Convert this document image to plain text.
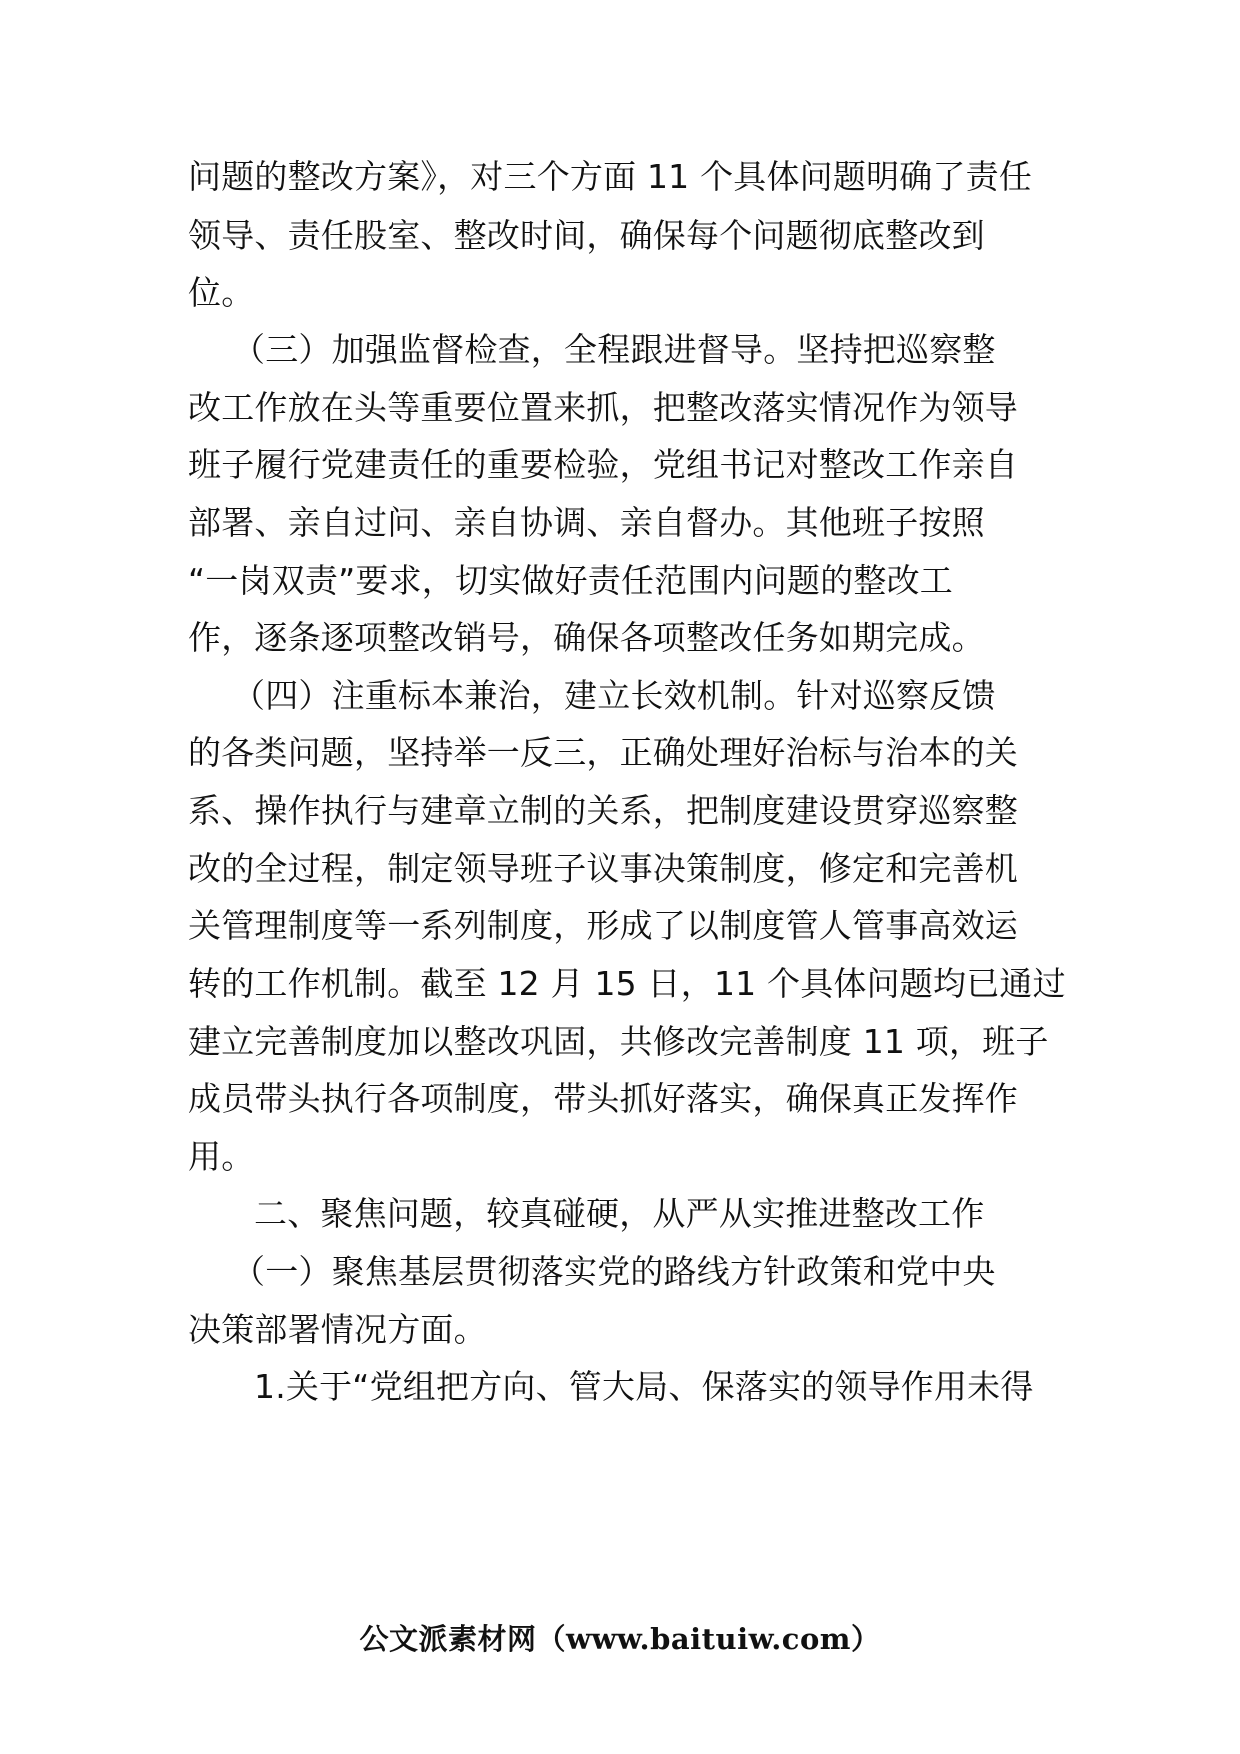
问题的整改方案》，对三个方面 11 个具体问题明确了责任
领导、责任股室、整改时间，确保每个问题彻底整改到
位。
（三）加强监督检查，全程跟进督导。坚持把巡察整
改工作放在头等重要位置来抓，把整改落实情况作为领导
班子履行党建责任的重要检验，党组书记对整改工作亲自
部署、亲自过问、亲自协调、亲自督办。其他班子按照
“一岗双责”要求，切实做好责任范围内问题的整改工
作，逐条逐项整改销号，确保各项整改任务如期完成。
（四）注重标本兼治，建立长效机制。针对巡察反馈
的各类问题，坚持举一反三，正确处理好治标与治本的关
系、操作执行与建章立制的关系，把制度建设贯穿巡察整
改的全过程，制定领导班子议事决策制度，修定和完善机
关管理制度等一系列制度，形成了以制度管人管事高效运
转的工作机制。截至 12 月 15 日，11 个具体问题均已通过
建立完善制度加以整改巩固，共修改完善制度 11 项，班子
成员带头执行各项制度，带头抓好落实，确保真正发挥作
用。
二、聚焦问题，较真碰硬，从严从实推进整改工作
（一）聚焦基层贯彻落实党的路线方针政策和党中央
决策部署情况方面。
1.关于“党组把方向、管大局、保落实的领导作用未得
公文派素材网（www.baituiw.com）
